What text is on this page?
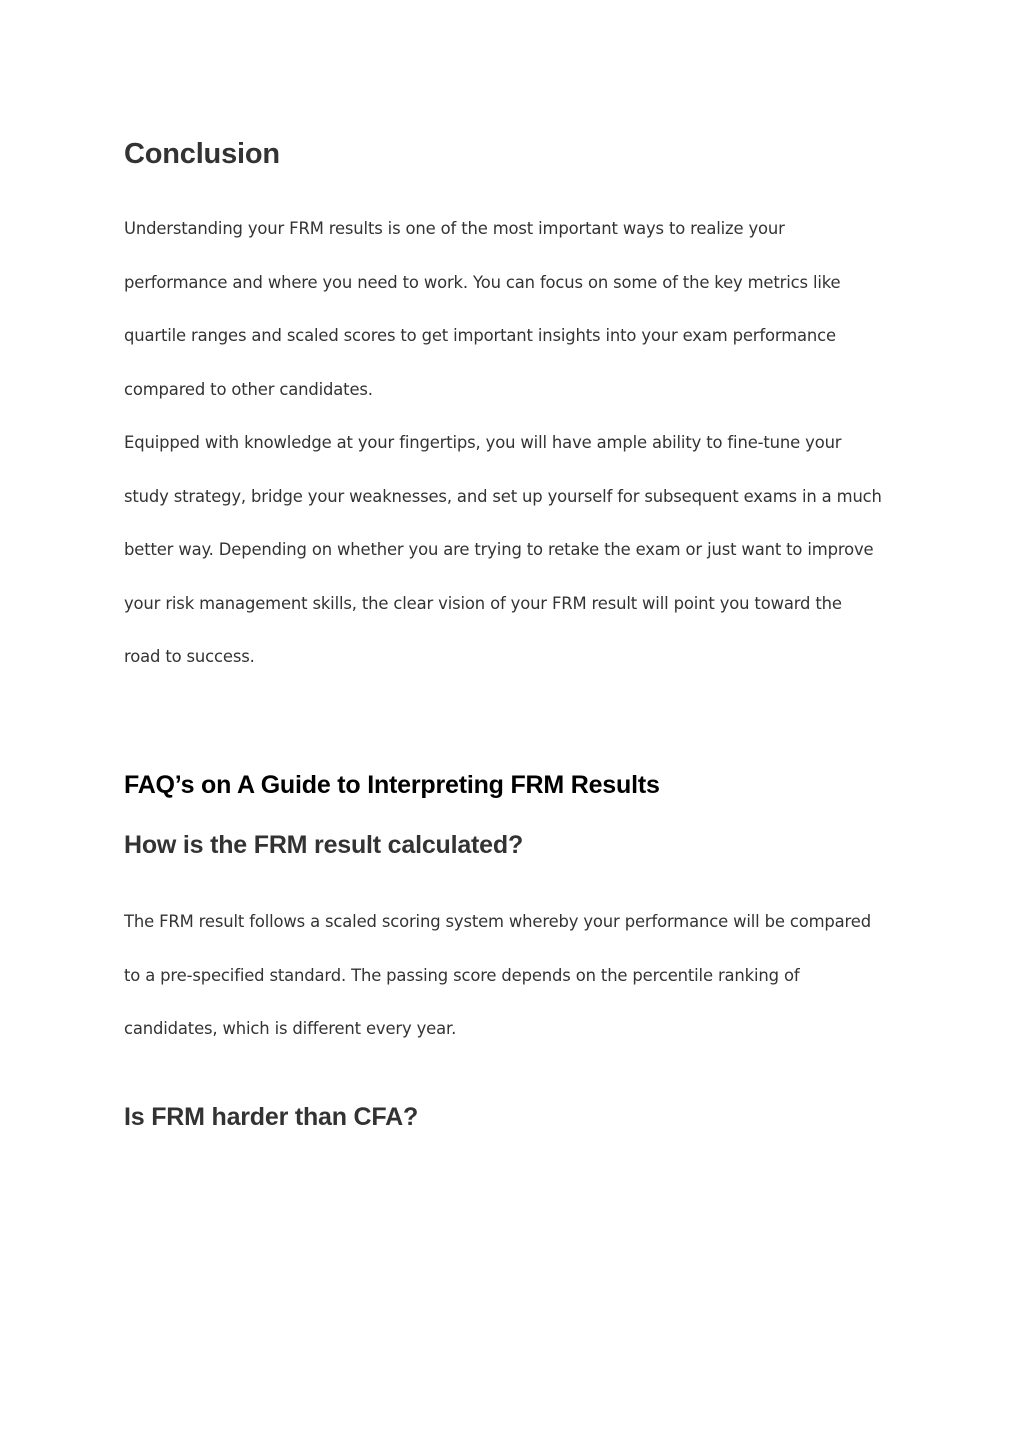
Conclusion

Understanding your FRM results is one of the most important ways to realize your
performance and where you need to work. You can focus on some of the key metrics like
quartile ranges and scaled scores to get important insights into your exam performance
compared to other candidates.

Equipped with knowledge at your fingertips, you will have ample ability to fine-tune your
study strategy, bridge your weaknesses, and set up yourself for subsequent exams in a much
better way. Depending on whether you are trying to retake the exam or just want to improve
your risk management skills, the clear vision of your FRM result will point you toward the
road to success.

FAQ’s on A Guide to Interpreting FRM Results
How is the FRM result calculated?

The FRM result follows a scaled scoring system whereby your performance will be compared
to a pre-specified standard. The passing score depends on the percentile ranking of
candidates, which is different every year.

Is FRM harder than CFA?
